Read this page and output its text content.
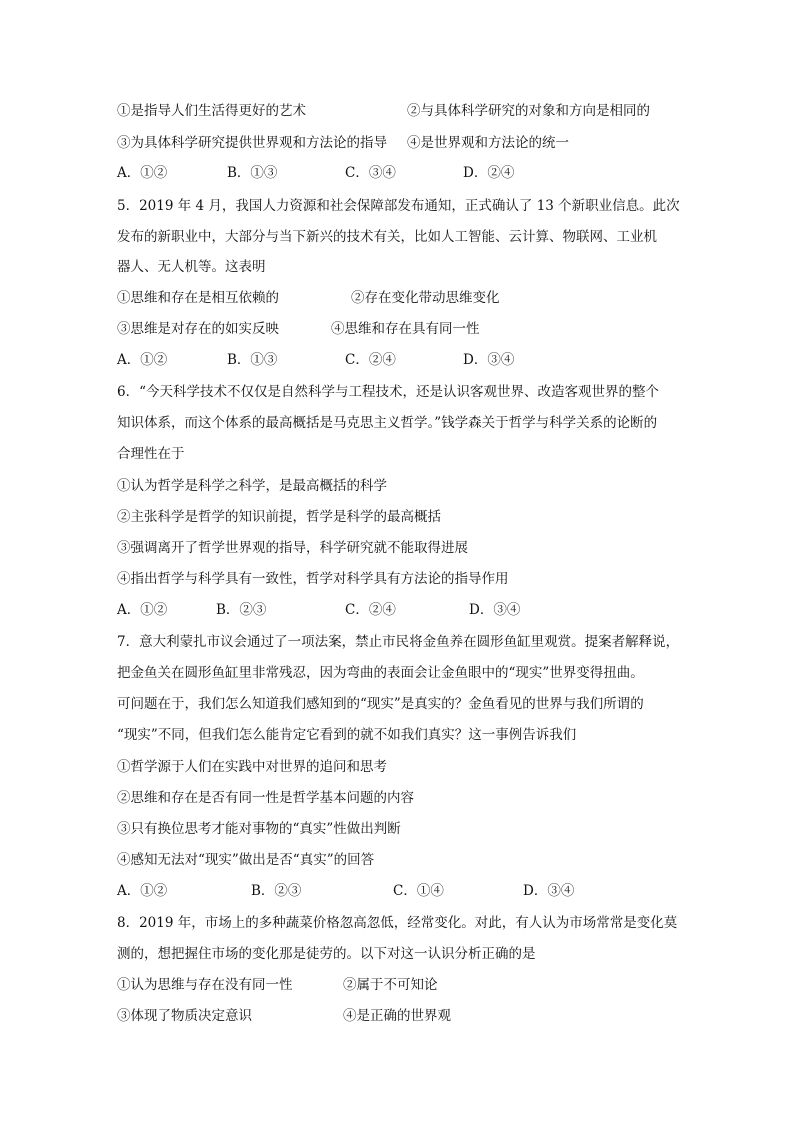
①是指导人们生活得更好的艺术	②与具体科学研究的对象和方向是相同的
③为具体科学研究提供世界观和方法论的指导 ④是世界观和方法论的统一
A．①②	B．①③	C．③④	D．②④
5．2019 年 4 月，我国人力资源和社会保障部发布通知，正式确认了 13 个新职业信息。此次
发布的新职业中，大部分与当下新兴的技术有关，比如人工智能、云计算、物联网、工业机
器人、无人机等。这表明
①思维和存在是相互依赖的	②存在变化带动思维变化
③思维是对存在的如实反映	④思维和存在具有同一性
A．①②	B．①③	C．②④	D．③④
6．“今天科学技术不仅仅是自然科学与工程技术，还是认识客观世界、改造客观世界的整个
知识体系，而这个体系的最高概括是马克思主义哲学。”钱学森关于哲学与科学关系的论断的
合理性在于
①认为哲学是科学之科学，是最高概括的科学
②主张科学是哲学的知识前提，哲学是科学的最高概括
③强调离开了哲学世界观的指导，科学研究就不能取得进展
④指出哲学与科学具有一致性，哲学对科学具有方法论的指导作用
A．①②	B．②③	C．②④	D．③④
7．意大利蒙扎市议会通过了一项法案，禁止市民将金鱼养在圆形鱼缸里观赏。提案者解释说，
把金鱼关在圆形鱼缸里非常残忍，因为弯曲的表面会让金鱼眼中的“现实”世界变得扭曲。
可问题在于，我们怎么知道我们感知到的“现实”是真实的？金鱼看见的世界与我们所谓的
“现实”不同，但我们怎么能肯定它看到的就不如我们真实？这一事例告诉我们
①哲学源于人们在实践中对世界的追问和思考
②思维和存在是否有同一性是哲学基本问题的内容
③只有换位思考才能对事物的“真实”性做出判断
④感知无法对“现实”做出是否“真实”的回答
A．①②	B．②③	C．①④	D．③④
8．2019 年，市场上的多种蔬菜价格忽高忽低，经常变化。对此，有人认为市场常常是变化莫
测的，想把握住市场的变化那是徒劳的。以下对这一认识分析正确的是
①认为思维与存在没有同一性	②属于不可知论
③体现了物质决定意识	④是正确的世界观
